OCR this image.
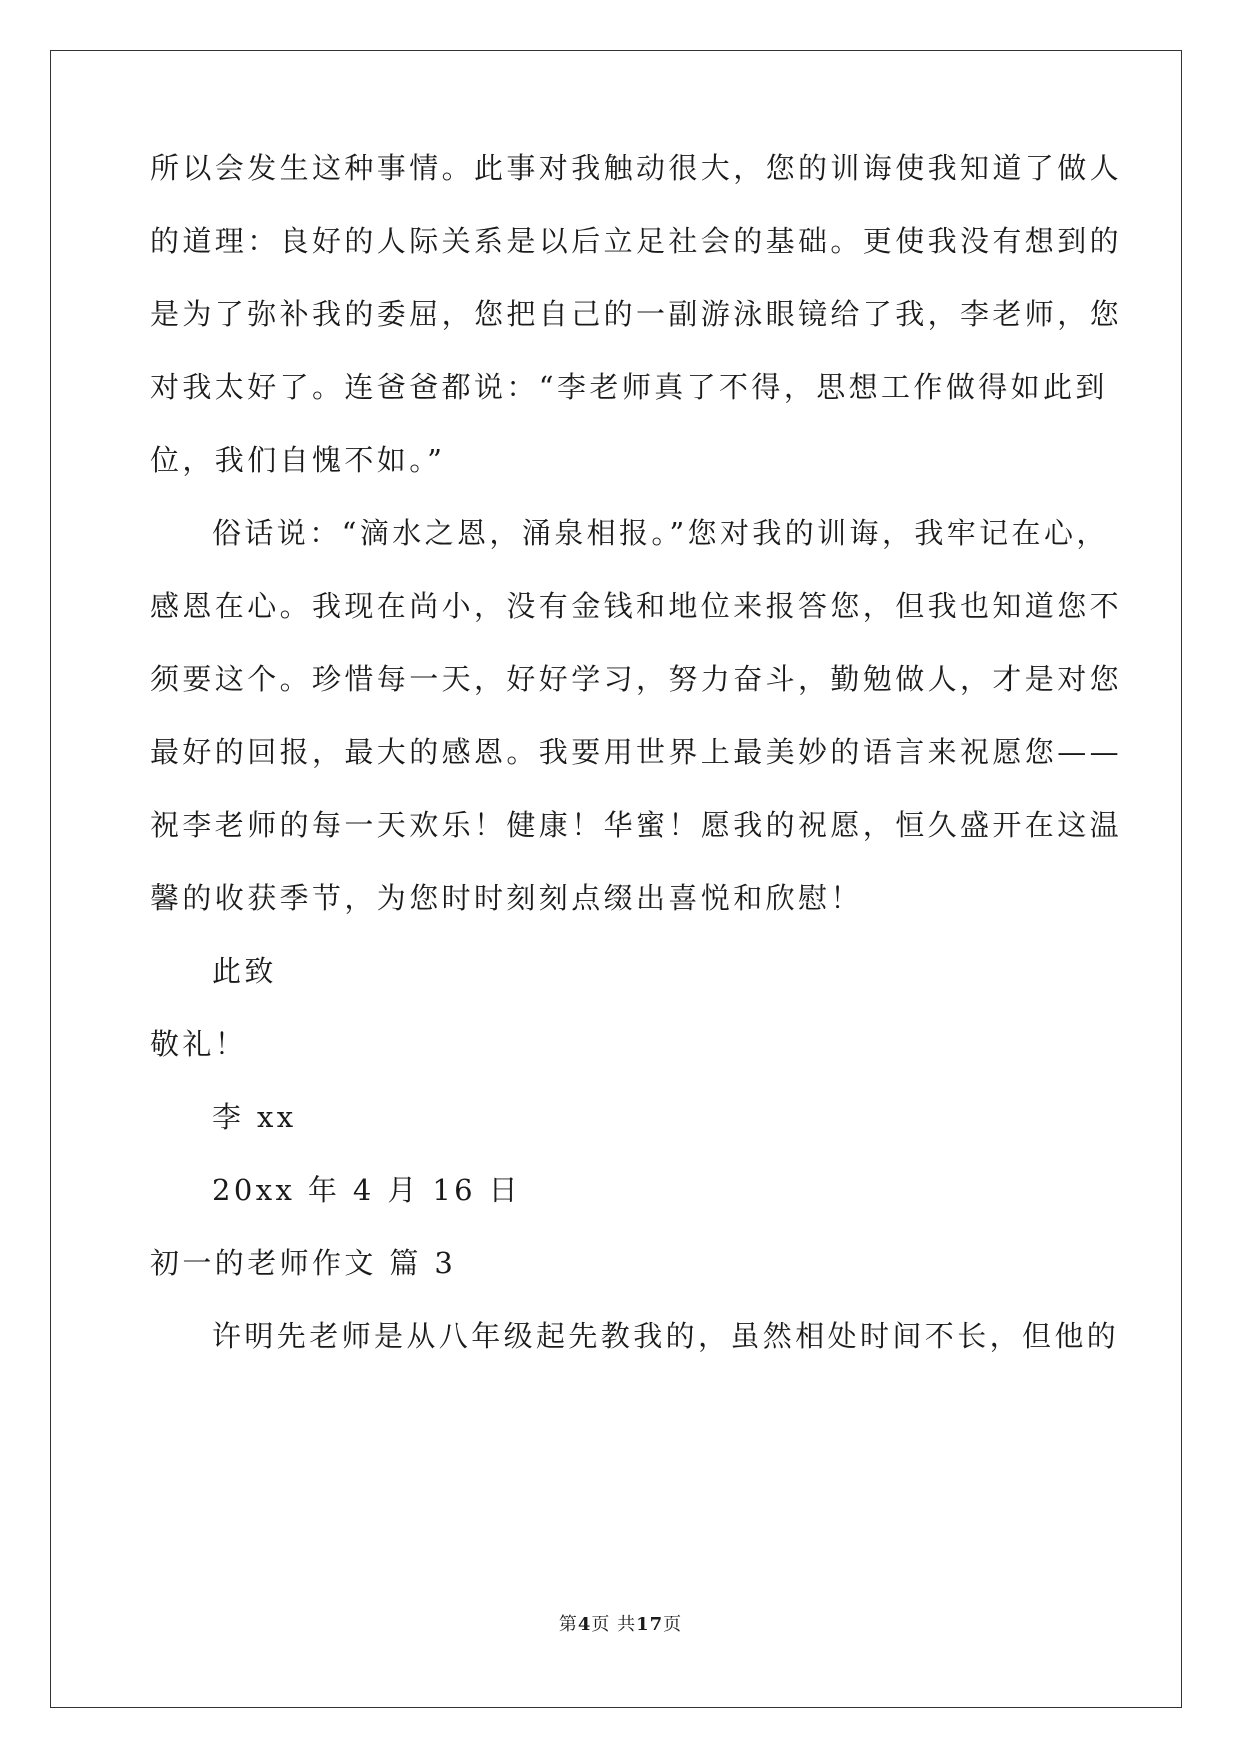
所以会发生这种事情。此事对我触动很大，您的训诲使我知道了做人
的道理：良好的人际关系是以后立足社会的基础。更使我没有想到的
是为了弥补我的委屈，您把自己的一副游泳眼镜给了我，李老师，您
对我太好了。连爸爸都说：“李老师真了不得，思想工作做得如此到
位，我们自愧不如。”
俗话说：“滴水之恩，涌泉相报。”您对我的训诲，我牢记在心，
感恩在心。我现在尚小，没有金钱和地位来报答您，但我也知道您不
须要这个。珍惜每一天，好好学习，努力奋斗，勤勉做人，才是对您
最好的回报，最大的感恩。我要用世界上最美妙的语言来祝愿您——
祝李老师的每一天欢乐！健康！华蜜！愿我的祝愿，恒久盛开在这温
馨的收获季节，为您时时刻刻点缀出喜悦和欣慰！
此致
敬礼！
李 xx
20xx 年 4 月 16 日
初一的老师作文 篇 3
许明先老师是从八年级起先教我的，虽然相处时间不长，但他的
第4页 共17页
